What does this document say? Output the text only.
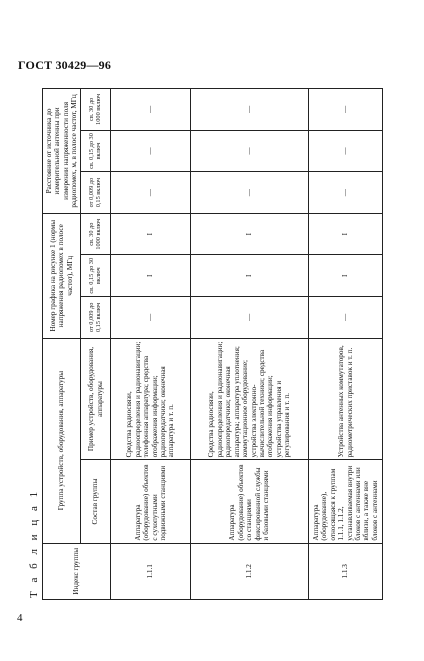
ГОСТ 30429—96
Т а б л и ц а 1	Индекс группы	Группа устройств, оборудования, аппаратуры		Номер графика на рисунке 1 (нормы напряжения радиопомех в полосе частот), МГц			Расстояние от источника до измерительной антенны при измерении напряженности поля радиопомех, м, в полосе частот, МГц		
	Состав группы	Пример устройств, оборудования, аппаратуры	от 0,009 до 0,15 включ	св. 0,15 до 30 включ	св. 30 до 1000 включ	от 0,009 до 0,15 включ	св. 0,15 до 30 включ	св. 30 до 1000 включ
1.1.1	Аппаратура (оборудование) объектов с сухопутными подвижными станциями	Средства радиосвязи, радиоопределения и радионавигации; телефонная аппаратура; средства отображения информации; радиопередатчики; оконечная аппаратура и т. п.	—	I	I	—	—	—
1.1.2	Аппаратура (оборудование) объектов со станциями фиксированной службы и базовыми станциями	Средства радиосвязи, радиоопределения и радионавигации; радиопередатчики; оконечная аппаратура; аппаратура уплотнения; коммутационное оборудование; устройства электронно-вычислительной техники; средства отображения информации; устройства управления и регулирования и т. п.	—	I	I	—	—	—
1.1.3	Аппаратура (оборудование), относящаяся к группам 1.1.1, 1.1.2, устанавливаемая внутри блоков с антеннами или вблизи, а также вне блоков с антеннами	Устройства антенных коммутаторов, радиометрических приставок и т. п.	—	I	I	—	—	—
4
